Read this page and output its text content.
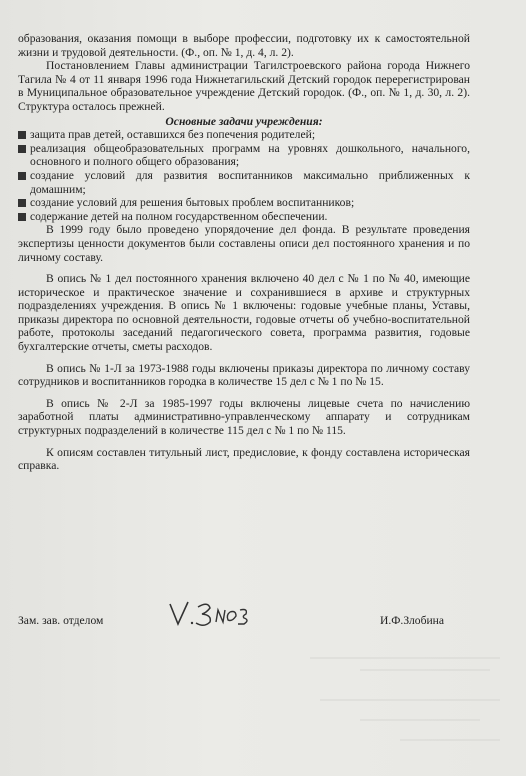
образования, оказания помощи в выборе профессии, подготовку их к самостоятельной жизни и трудовой деятельности. (Ф., оп. № 1, д. 4, л. 2).

Постановлением Главы администрации Тагилстроевского района города Нижнего Тагила № 4 от 11 января 1996 года Нижнетагильский Детский городок перерегистрирован в Муниципальное образовательное учреждение Детский городок. (Ф., оп. № 1, д. 30, л. 2). Структура осталось прежней.

Основные задачи учреждения:

защита прав детей, оставшихся без попечения родителей;
реализация общеобразовательных программ на уровнях дошкольного, начального, основного и полного общего образования;
создание условий для развития воспитанников максимально приближенных к домашним;
создание условий для решения бытовых проблем воспитанников;
содержание детей на полном государственном обеспечении.

В 1999 году было проведено упорядочение дел фонда. В результате проведения экспертизы ценности документов были составлены описи дел постоянного хранения и по личному составу.

В опись № 1 дел постоянного хранения включено 40 дел с № 1 по № 40, имеющие историческое и практическое значение и сохранившиеся в архиве и структурных подразделениях учреждения. В опись № 1 включены: годовые учебные планы, Уставы, приказы директора по основной деятельности, годовые отчеты об учебно-воспитательной работе, протоколы заседаний педагогического совета, программа развития, годовые бухгалтерские отчеты, сметы расходов.

В опись № 1-Л за 1973-1988 годы включены приказы директора по личному составу сотрудников и воспитанников городка в количестве 15 дел с № 1 по № 15.

В опись № 2-Л за 1985-1997 годы включены лицевые счета по начислению заработной платы административно-управленческому аппарату и сотрудникам структурных подразделений в количестве 115 дел с № 1 по № 115.

К описям составлен титульный лист, предисловие, к фонду составлена историческая справка.

Зам. зав. отделом	И.Ф.Злобина
